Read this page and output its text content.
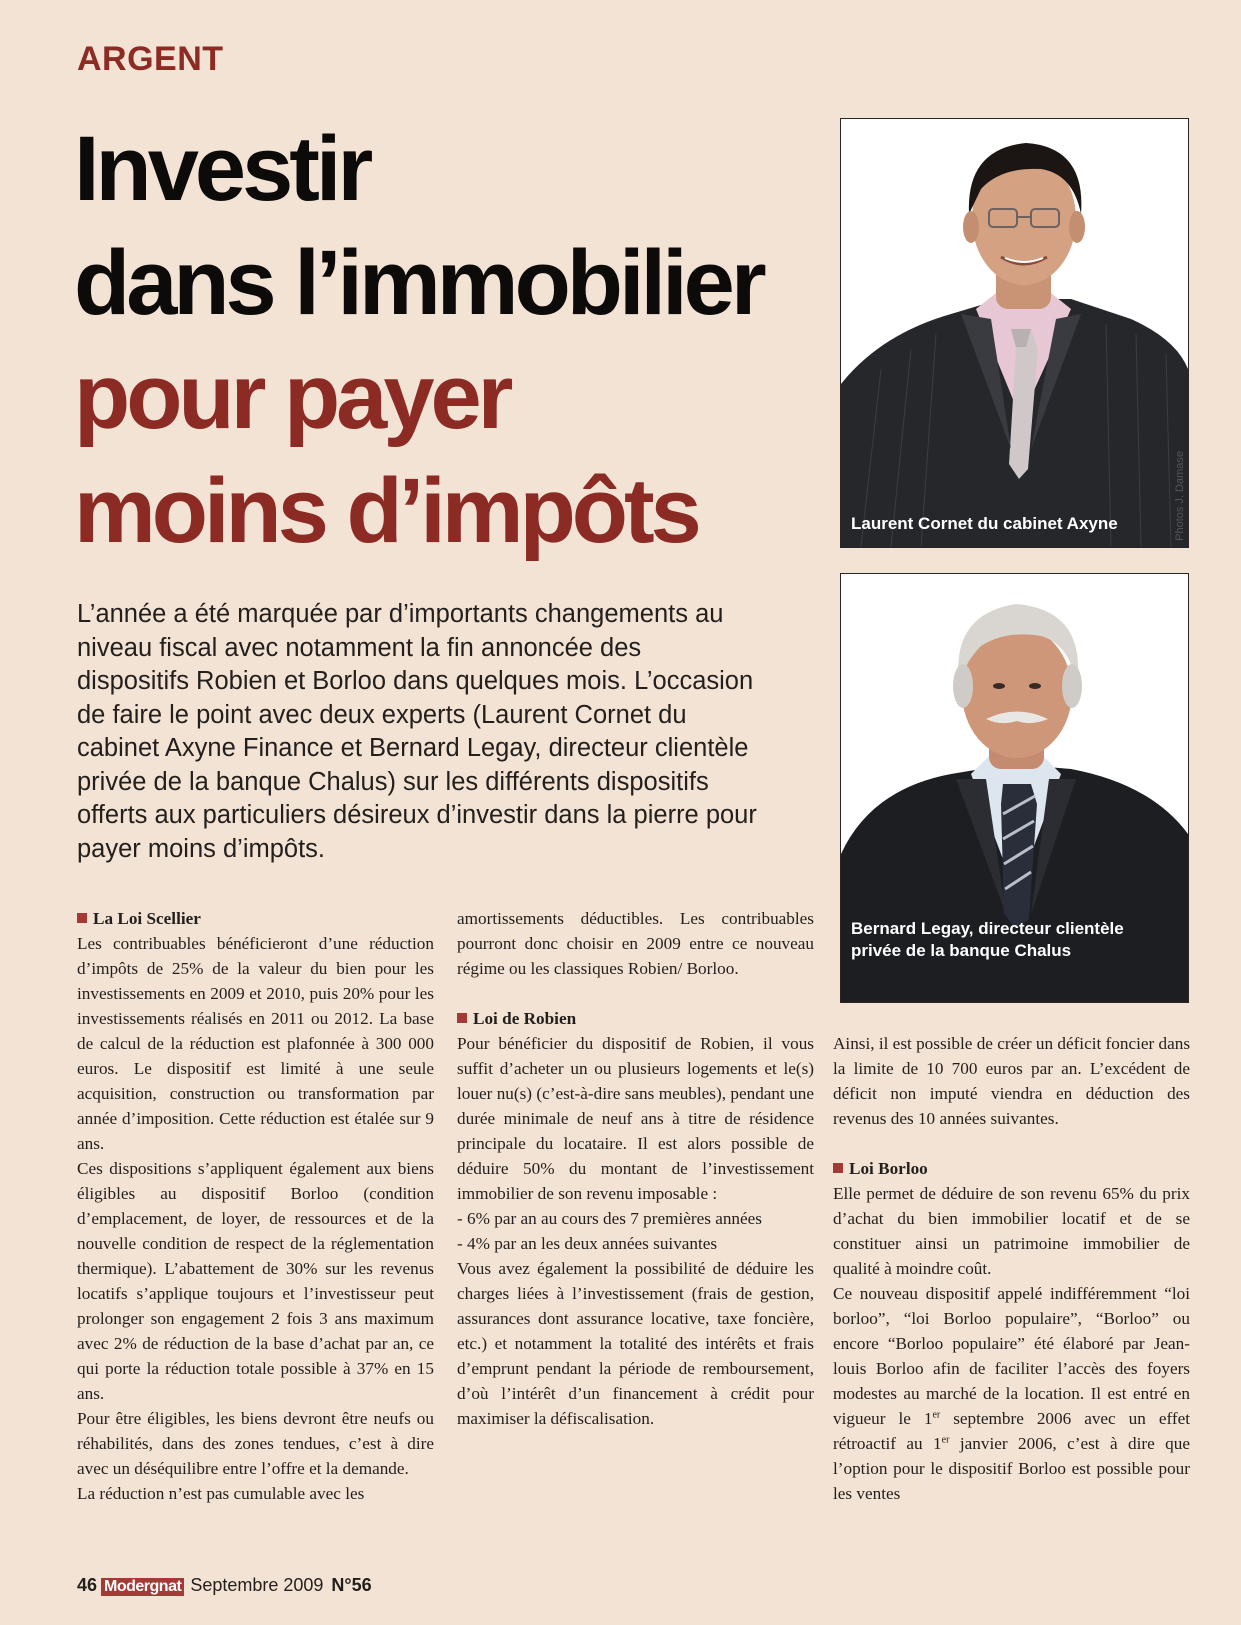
ARGENT
Investir
dans l’immobilier
pour payer
moins d’impôts

L’année a été marquée par d’importants changements au niveau fiscal avec notamment la fin annoncée des dispositifs Robien et Borloo dans quelques mois. L’occasion de faire le point avec deux experts (Laurent Cornet du cabinet Axyne Finance et Bernard Legay, directeur clientèle privée de la banque Chalus) sur les différents dispositifs offerts aux particuliers désireux d’investir dans la pierre pour payer moins d’impôts.

Laurent Cornet du cabinet Axyne	Photos J. Damase
Bernard Legay, directeur clientèle
privée de la banque Chalus

La Loi Scellier

Les contribuables bénéficieront d’une réduction d’impôts de 25% de la valeur du bien pour les investissements en 2009 et 2010, puis 20% pour les investissements réalisés en 2011 ou 2012. La base de calcul de la réduction est plafonnée à 300 000 euros. Le dispositif est limité à une seule acquisition, construction ou transformation par année d’imposition. Cette réduction est étalée sur 9 ans.

Ces dispositions s’appliquent également aux biens éligibles au dispositif Borloo (condition d’emplacement, de loyer, de ressources et de la nouvelle condition de respect de la réglementation thermique). L’abattement de 30% sur les revenus locatifs s’applique toujours et l’investisseur peut prolonger son engagement 2 fois 3 ans maximum avec 2% de réduction de la base d’achat par an, ce qui porte la réduction totale possible à 37% en 15 ans.

Pour être éligibles, les biens devront être neufs ou réhabilités, dans des zones tendues, c’est à dire avec un déséquilibre entre l’offre et la demande.

La réduction n’est pas cumulable avec les

amortissements déductibles. Les contribuables pourront donc choisir en 2009 entre ce nouveau régime ou les classiques Robien/ Borloo.

Loi de Robien

Pour bénéficier du dispositif de Robien, il vous suffit d’acheter un ou plusieurs logements et le(s) louer nu(s) (c’est-à-dire sans meubles), pendant une durée minimale de neuf ans à titre de résidence principale du locataire. Il est alors possible de déduire 50% du montant de l’investissement immobilier de son revenu imposable :

- 6% par an au cours des 7 premières années

- 4% par an les deux années suivantes

Vous avez également la possibilité de déduire les charges liées à l’investissement (frais de gestion, assurances dont assurance locative, taxe foncière, etc.) et notamment la totalité des intérêts et frais d’emprunt pendant la période de remboursement, d’où l’intérêt d’un financement à crédit pour maximiser la défiscalisation.

Ainsi, il est possible de créer un déficit foncier dans la limite de 10 700 euros par an. L’excédent de déficit non imputé viendra en déduction des revenus des 10 années suivantes.

Loi Borloo

Elle permet de déduire de son revenu 65% du prix d’achat du bien immobilier locatif et de se constituer ainsi un patrimoine immobilier de qualité à moindre coût.

Ce nouveau dispositif appelé indifféremment “loi borloo”, “loi Borloo populaire”, “Borloo” ou encore “Borloo populaire” été élaboré par Jean-louis Borloo afin de faciliter l’accès des foyers modestes au marché de la location. Il est entré en vigueur le 1er septembre 2006 avec un effet rétroactif au 1er janvier 2006, c’est à dire que l’option pour le dispositif Borloo est possible pour les ventes

46 Modergnat Septembre 2009 N°56
